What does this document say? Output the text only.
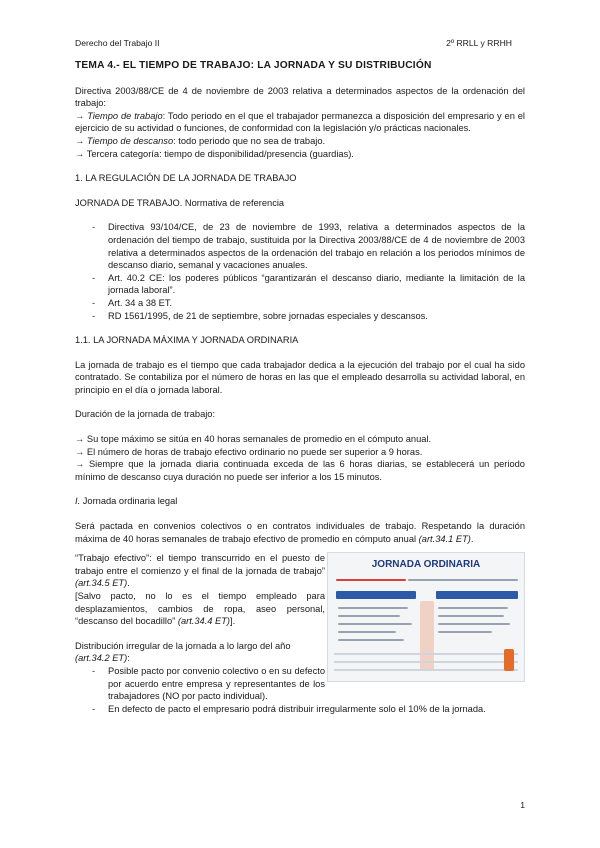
Derecho del Trabajo II	2º RRLL y RRHH

TEMA 4.- EL TIEMPO DE TRABAJO: LA JORNADA Y SU DISTRIBUCIÓN

Directiva 2003/88/CE de 4 de noviembre de 2003 relativa a determinados aspectos de la ordenación del trabajo:

→ Tiempo de trabajo: Todo periodo en el que el trabajador permanezca a disposición del empresario y en el ejercicio de su actividad o funciones, de conformidad con la legislación y/o prácticas nacionales.

→ Tiempo de descanso: todo periodo que no sea de trabajo.

→ Tercera categoría: tiempo de disponibilidad/presencia (guardias).

1. LA REGULACIÓN DE LA JORNADA DE TRABAJO

JORNADA DE TRABAJO. Normativa de referencia

- Directiva 93/104/CE, de 23 de noviembre de 1993, relativa a determinados aspectos de la ordenación del tiempo de trabajo, sustituida por la Directiva 2003/88/CE de 4 de noviembre de 2003 relativa a determinados aspectos de la ordenación del trabajo en relación a los periodos mínimos de descanso diario, semanal y vacaciones anuales.
- Art. 40.2 CE: los poderes públicos “garantizarán el descanso diario, mediante la limitación de la jornada laboral”.
- Art. 34 a 38 ET.
- RD 1561/1995, de 21 de septiembre, sobre jornadas especiales y descansos.

1.1. LA JORNADA MÁXIMA Y JORNADA ORDINARIA

La jornada de trabajo es el tiempo que cada trabajador dedica a la ejecución del trabajo por el cual ha sido contratado. Se contabiliza por el número de horas en las que el empleado desarrolla su actividad laboral, en principio en el día o jornada laboral.

Duración de la jornada de trabajo:

→ Su tope máximo se sitúa en 40 horas semanales de promedio en el cómputo anual.

→ El número de horas de trabajo efectivo ordinario no puede ser superior a 9 horas.

→ Siempre que la jornada diaria continuada exceda de las 6 horas diarias, se establecerá un periodo mínimo de descanso cuya duración no puede ser inferior a los 15 minutos.

I. Jornada ordinaria legal

Será pactada en convenios colectivos o en contratos individuales de trabajo. Respetando la duración máxima de 40 horas semanales de trabajo efectivo de promedio en cómputo anual (art.34.1 ET).

“Trabajo efectivo”: el tiempo transcurrido en el puesto de trabajo entre el comienzo y el final de la jornada de trabajo” (art.34.5 ET).

[Salvo pacto, no lo es el tiempo empleado para desplazamientos, cambios de ropa, aseo personal, “descanso del bocadillo” (art.34.4 ET)].

Distribución irregular de la jornada a lo largo del año (art.34.2 ET):

- Posible pacto por convenio colectivo o en su defecto por acuerdo entre empresa y representantes de los trabajadores (NO por pacto individual).
JORNADA ORDINARIA
- En defecto de pacto el empresario podrá distribuir irregularmente solo el 10% de la jornada.
1
